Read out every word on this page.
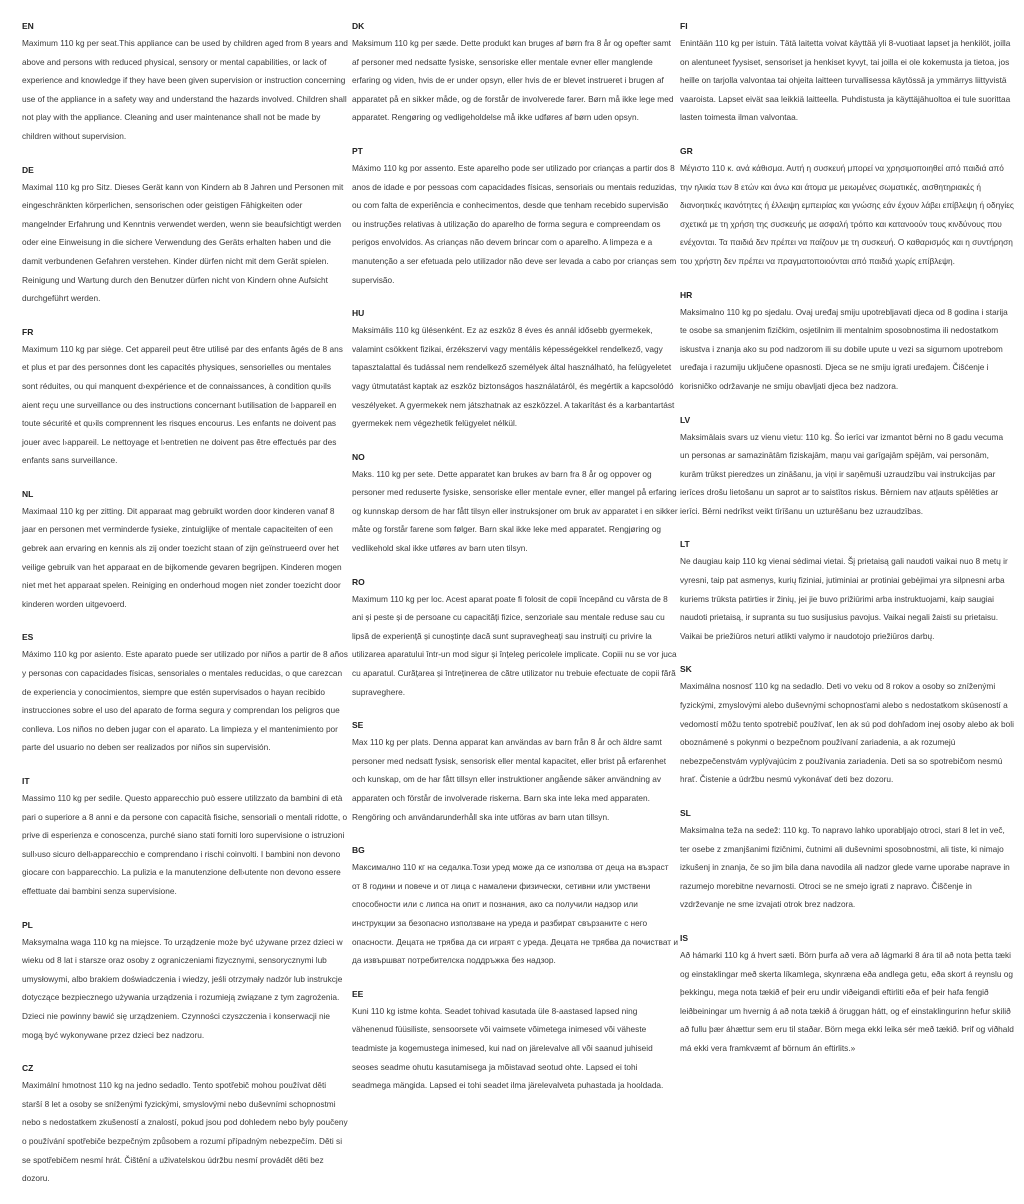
EN

Maximum 110 kg per seat.This appliance can be used by children aged from 8 years and above and persons with reduced physical, sensory or mental capabilities, or lack of experience and knowledge if they have been given supervision or instruction concerning use of the appliance in a safety way and understand the hazards involved. Children shall not play with the appliance. Cleaning and user maintenance shall not be made by children without supervision.

DE

Maximal 110 kg pro Sitz. Dieses Gerät kann von Kindern ab 8 Jahren und Personen mit eingeschränkten körperlichen, sensorischen oder geistigen Fähigkeiten oder mangelnder Erfahrung und Kenntnis verwendet werden, wenn sie beaufsichtigt werden oder eine Einweisung in die sichere Verwendung des Geräts erhalten haben und die damit verbundenen Gefahren verstehen. Kinder dürfen nicht mit dem Gerät spielen. Reinigung und Wartung durch den Benutzer dürfen nicht von Kindern ohne Aufsicht durchgeführt werden.

FR

Maximum 110 kg par siège. Cet appareil peut être utilisé par des enfants âgés de 8 ans et plus et par des personnes dont les capacités physiques, sensorielles ou mentales sont réduites, ou qui manquent d›expérience et de connaissances, à condition qu›ils aient reçu une surveillance ou des instructions concernant l›utilisation de l›appareil en toute sécurité et qu›ils comprennent les risques encourus. Les enfants ne doivent pas jouer avec l›appareil. Le nettoyage et l›entretien ne doivent pas être effectués par des enfants sans surveillance.

NL

Maximaal 110 kg per zitting. Dit apparaat mag gebruikt worden door kinderen vanaf 8 jaar en personen met verminderde fysieke, zintuiglijke of mentale capaciteiten of een gebrek aan ervaring en kennis als zij onder toezicht staan of zijn geïnstrueerd over het veilige gebruik van het apparaat en de bijkomende gevaren begrijpen. Kinderen mogen niet met het apparaat spelen. Reiniging en onderhoud mogen niet zonder toezicht door kinderen worden uitgevoerd.

ES

Máximo 110 kg por asiento. Este aparato puede ser utilizado por niños a partir de 8 años y personas con capacidades físicas, sensoriales o mentales reducidas, o que carezcan de experiencia y conocimientos, siempre que estén supervisados o hayan recibido instrucciones sobre el uso del aparato de forma segura y comprendan los peligros que conlleva. Los niños no deben jugar con el aparato. La limpieza y el mantenimiento por parte del usuario no deben ser realizados por niños sin supervisión.

IT

Massimo 110 kg per sedile. Questo apparecchio può essere utilizzato da bambini di età pari o superiore a 8 anni e da persone con capacità fisiche, sensoriali o mentali ridotte, o prive di esperienza e conoscenza, purché siano stati forniti loro supervisione o istruzioni sull›uso sicuro dell›apparecchio e comprendano i rischi coinvolti. I bambini non devono giocare con l›apparecchio. La pulizia e la manutenzione dell›utente non devono essere effettuate dai bambini senza supervisione.

PL

Maksymalna waga 110 kg na miejsce. To urządzenie może być używane przez dzieci w wieku od 8 lat i starsze oraz osoby z ograniczeniami fizycznymi, sensorycznymi lub umysłowymi, albo brakiem doświadczenia i wiedzy, jeśli otrzymały nadzór lub instrukcje dotyczące bezpiecznego używania urządzenia i rozumieją związane z tym zagrożenia. Dzieci nie powinny bawić się urządzeniem. Czynności czyszczenia i konserwacji nie mogą być wykonywane przez dzieci bez nadzoru.

CZ

Maximální hmotnost 110 kg na jedno sedadlo. Tento spotřebič mohou používat děti starší 8 let a osoby se sníženými fyzickými, smyslovými nebo duševními schopnostmi nebo s nedostatkem zkušeností a znalostí, pokud jsou pod dohledem nebo byly poučeny o používání spotřebiče bezpečným způsobem a rozumí případným nebezpečím. Děti si se spotřebičem nesmí hrát. Čištění a uživatelskou údržbu nesmí provádět děti bez dozoru.

DK

Maksimum 110 kg per sæde. Dette produkt kan bruges af børn fra 8 år og opefter samt af personer med nedsatte fysiske, sensoriske eller mentale evner eller manglende erfaring og viden, hvis de er under opsyn, eller hvis de er blevet instrueret i brugen af apparatet på en sikker måde, og de forstår de involverede farer. Børn må ikke lege med apparatet. Rengøring og vedligeholdelse må ikke udføres af børn uden opsyn.

PT

Máximo 110 kg por assento. Este aparelho pode ser utilizado por crianças a partir dos 8 anos de idade e por pessoas com capacidades físicas, sensoriais ou mentais reduzidas, ou com falta de experiência e conhecimentos, desde que tenham recebido supervisão ou instruções relativas à utilização do aparelho de forma segura e compreendam os perigos envolvidos. As crianças não devem brincar com o aparelho. A limpeza e a manutenção a ser efetuada pelo utilizador não deve ser levada a cabo por crianças sem supervisão.

HU

Maksimális 110 kg ülésenként. Ez az eszköz 8 éves és annál idősebb gyermekek, valamint csökkent fizikai, érzékszervi vagy mentális képességekkel rendelkező, vagy tapasztalattal és tudással nem rendelkező személyek által használható, ha felügyeletet vagy útmutatást kaptak az eszköz biztonságos használatáról, és megértik a kapcsolódó veszélyeket. A gyermekek nem játszhatnak az eszközzel. A takarítást és a karbantartást gyermekek nem végezhetik felügyelet nélkül.

NO

Maks. 110 kg per sete. Dette apparatet kan brukes av barn fra 8 år og oppover og personer med reduserte fysiske, sensoriske eller mentale evner, eller mangel på erfaring og kunnskap dersom de har fått tilsyn eller instruksjoner om bruk av apparatet i en sikker måte og forstår farene som følger. Barn skal ikke leke med apparatet. Rengjøring og vedlikehold skal ikke utføres av barn uten tilsyn.

RO

Maximum 110 kg per loc. Acest aparat poate fi folosit de copii începând cu vârsta de 8 ani și peste și de persoane cu capacități fizice, senzoriale sau mentale reduse sau cu lipsă de experiență și cunoștințe dacă sunt supravegheați sau instruiți cu privire la utilizarea aparatului într-un mod sigur și înțeleg pericolele implicate. Copiii nu se vor juca cu aparatul. Curățarea și întreținerea de către utilizator nu trebuie efectuate de copii fără supraveghere.

SE

Max 110 kg per plats. Denna apparat kan användas av barn från 8 år och äldre samt personer med nedsatt fysisk, sensorisk eller mental kapacitet, eller brist på erfarenhet och kunskap, om de har fått tillsyn eller instruktioner angående säker användning av apparaten och förstår de involverade riskerna. Barn ska inte leka med apparaten. Rengöring och användarunderhåll ska inte utföras av barn utan tillsyn.

BG

Максимално 110 кг на седалка.Този уред може да се използва от деца на възраст от 8 години и повече и от лица с намалени физически, сетивни или умствени способности или с липса на опит и познания, ако са получили надзор или инструкции за безопасно използване на уреда и разбират свързаните с него опасности. Децата не трябва да си играят с уреда. Децата не трябва да почистват и да извършват потребителска поддръжка без надзор.

EE

Kuni 110 kg istme kohta. Seadet tohivad kasutada üle 8-aastased lapsed ning vähenenud füüsiliste, sensoorsete või vaimsete võimetega inimesed või väheste teadmiste ja kogemustega inimesed, kui nad on järelevalve all või saanud juhiseid seoses seadme ohutu kasutamisega ja mõistavad seotud ohte. Lapsed ei tohi seadmega mängida. Lapsed ei tohi seadet ilma järelevalveta puhastada ja hooldada.

FI

Enintään 110 kg per istuin. Tätä laitetta voivat käyttää yli 8-vuotiaat lapset ja henkilöt, joilla on alentuneet fyysiset, sensoriset ja henkiset kyvyt, tai joilla ei ole kokemusta ja tietoa, jos heille on tarjolla valvontaa tai ohjeita laitteen turvallisessa käytössä ja ymmärrys liittyvistä vaaroista. Lapset eivät saa leikkiä laitteella. Puhdistusta ja käyttäjähuoltoa ei tule suorittaa lasten toimesta ilman valvontaa.

GR

Μέγιστο 110 κ. ανά κάθισμα. Αυτή η συσκευή μπορεί να χρησιμοποιηθεί από παιδιά από την ηλικία των 8 ετών και άνω και άτομα με μειωμένες σωματικές, αισθητηριακές ή διανοητικές ικανότητες ή έλλειψη εμπειρίας και γνώσης εάν έχουν λάβει επίβλεψη ή οδηγίες σχετικά με τη χρήση της συσκευής με ασφαλή τρόπο και κατανοούν τους κινδύνους που ενέχονται. Τα παιδιά δεν πρέπει να παίζουν με τη συσκευή. Ο καθαρισμός και η συντήρηση του χρήστη δεν πρέπει να πραγματοποιούνται από παιδιά χωρίς επίβλεψη.

HR

Maksimalno 110 kg po sjedalu. Ovaj uređaj smiju upotrebljavati djeca od 8 godina i starija te osobe sa smanjenim fizičkim, osjetilnim ili mentalnim sposobnostima ili nedostatkom iskustva i znanja ako su pod nadzorom ili su dobile upute u vezi sa sigurnom upotrebom uređaja i razumiju uključene opasnosti. Djeca se ne smiju igrati uređajem. Čišćenje i korisničko održavanje ne smiju obavljati djeca bez nadzora.

LV

Maksimālais svars uz vienu vietu: 110 kg. Šo ierīci var izmantot bērni no 8 gadu vecuma un personas ar samazinātām fiziskajām, maņu vai garīgajām spējām, vai personām, kurām trūkst pieredzes un zināšanu, ja viņi ir saņēmuši uzraudzību vai instrukcijas par ierīces drošu lietošanu un saprot ar to saistītos riskus. Bērniem nav atļauts spēlēties ar ierīci. Bērni nedrīkst veikt tīrīšanu un uzturēšanu bez uzraudzības.

LT

Ne daugiau kaip 110 kg vienai sėdimai vietai. Šį prietaisą gali naudoti vaikai nuo 8 metų ir vyresni, taip pat asmenys, kurių fiziniai, jutiminiai ar protiniai gebėjimai yra silpnesni arba kuriems trūksta patirties ir žinių, jei jie buvo prižiūrimi arba instruktuojami, kaip saugiai naudoti prietaisą, ir supranta su tuo susijusius pavojus. Vaikai negali žaisti su prietaisu. Vaikai be priežiūros neturi atlikti valymo ir naudotojo priežiūros darbų.

SK

Maximálna nosnosť 110 kg na sedadlo. Deti vo veku od 8 rokov a osoby so zníženými fyzickými, zmyslovými alebo duševnými schopnosťami alebo s nedostatkom skúseností a vedomostí môžu tento spotrebič používať, len ak sú pod dohľadom inej osoby alebo ak boli oboznámené s pokynmi o bezpečnom používaní zariadenia, a ak rozumejú nebezpečenstvám vyplývajúcim z používania zariadenia. Deti sa so spotrebičom nesmú hrať. Čistenie a údržbu nesmú vykonávať deti bez dozoru.

SL

Maksimalna teža na sedež: 110 kg. To napravo lahko uporabljajo otroci, stari 8 let in več, ter osebe z zmanjšanimi fizičnimi, čutnimi ali duševnimi sposobnostmi, ali tiste, ki nimajo izkušenj in znanja, če so jim bila dana navodila ali nadzor glede varne uporabe naprave in razumejo morebitne nevarnosti. Otroci se ne smejo igrati z napravo. Čiščenje in vzdrževanje ne sme izvajati otrok brez nadzora.

IS

Að hámarki 110 kg á hvert sæti. Börn þurfa að vera að lágmarki 8 ára til að nota þetta tæki og einstaklingar með skerta líkamlega, skynræna eða andlega getu, eða skort á reynslu og þekkingu, mega nota tækið ef þeir eru undir viðeigandi eftirliti eða ef þeir hafa fengið leiðbeiningar um hvernig á að nota tækið á öruggan hátt, og ef einstaklingurinn hefur skilið að fullu þær áhættur sem eru til staðar. Börn mega ekki leika sér með tækið. Þrif og viðhald má ekki vera framkvæmt af börnum án eftirlits.»
